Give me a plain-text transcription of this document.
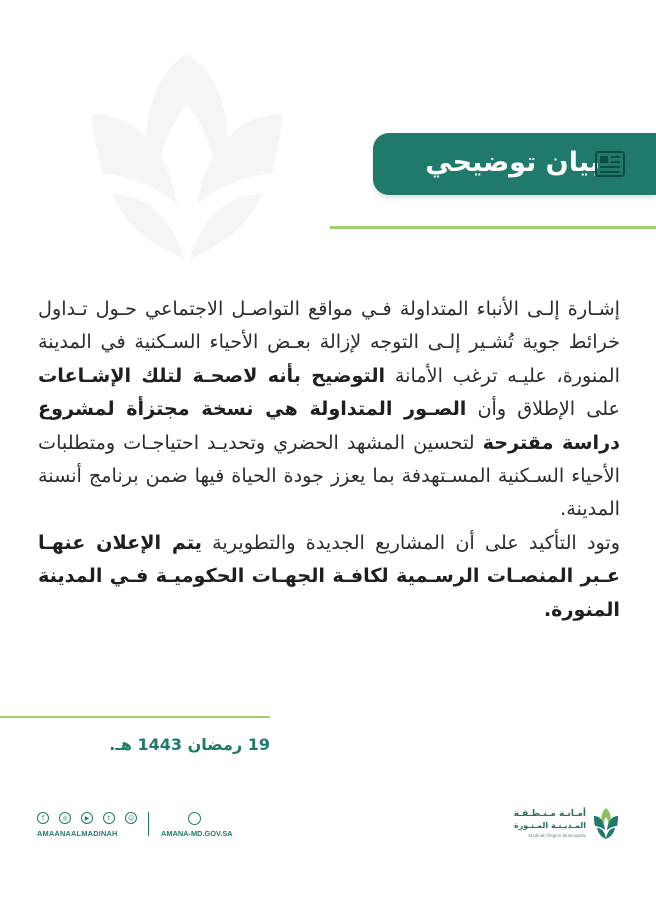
بيان توضيحي
إشـارة إلـى الأنباء المتداولة فـي مواقع التواصـل الاجتماعي حـول تـداول خرائط جوية تُشـير إلـى التوجه لإزالة بعـض الأحياء السـكنية في المدينة المنورة، عليـه ترغب الأمانة التوضيح بأنه لاصحـة لتلك الإشـاعات على الإطلاق وأن الصـور المتداولة هي نسخة مجتزأة لمشروع دراسة مقترحة لتحسين المشهد الحضري وتحديـد احتياجـات ومتطلبات الأحياء السـكنية المسـتهدفة بما يعزز جودة الحياة فيها ضمن برنامج أنسنة المدينة.
وتود التأكيد على أن المشاريع الجديدة والتطويرية يتم الإعلان عنهـا عـبر المنصـات الرسـمية لكافـة الجهـات الحكوميـة فـي المدينة المنورة.
19 رمضان 1443 هـ.
f	◎	▶	t	☺
AMAANAALMADINAH	AMANA-MD.GOV.SA
أمـانـة مـنـطـقـة
المـديـنـة المـنـورة
Madinah Region Municipality
